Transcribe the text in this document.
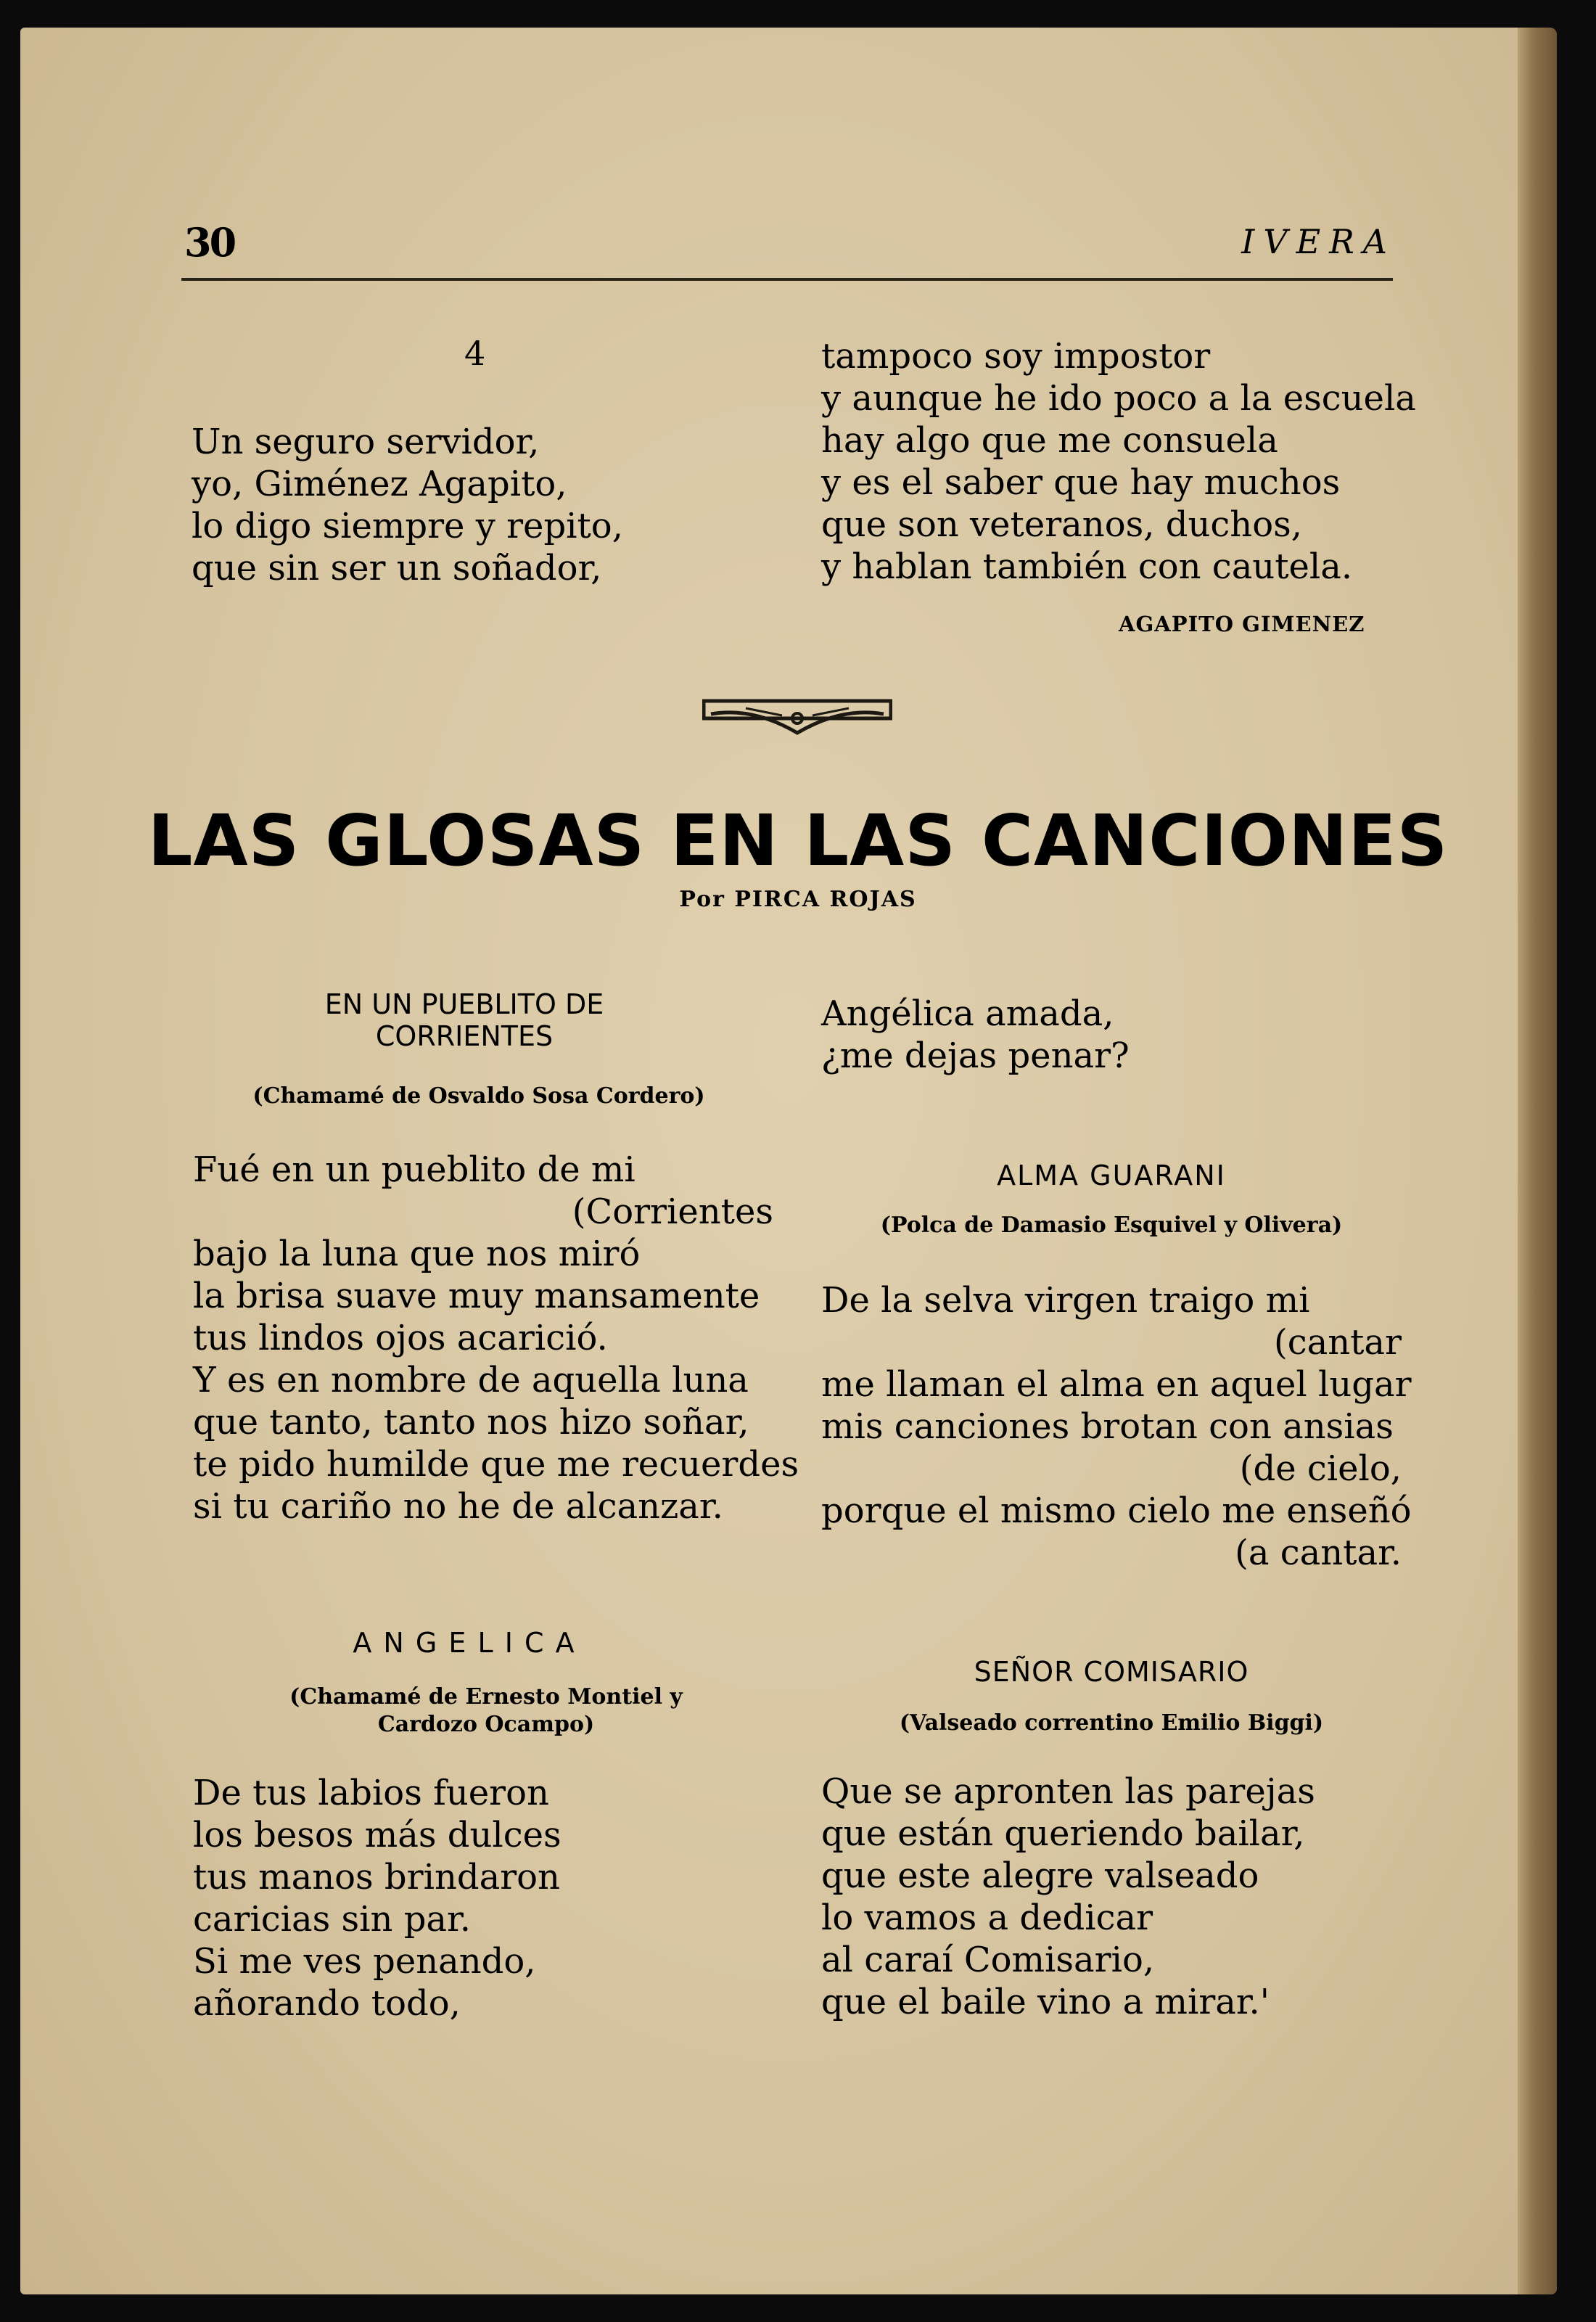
30	IVERA
4
Un seguro servidor,
yo, Giménez Agapito,
lo digo siempre y repito,
que sin ser un soñador,
tampoco soy impostor
y aunque he ido poco a la escuela
hay algo que me consuela
y es el saber que hay muchos
que son veteranos, duchos,
y hablan también con cautela.
AGAPITO GIMENEZ
LAS GLOSAS EN LAS CANCIONES
Por PIRCA ROJAS
EN UN PUEBLITO DE
CORRIENTES
(Chamamé de Osvaldo Sosa Cordero)
Fué en un pueblito de mi
(Corrientes
bajo la luna que nos miró
la brisa suave muy mansamente
tus lindos ojos acarició.
Y es en nombre de aquella luna
que tanto, tanto nos hizo soñar,
te pido humilde que me recuerdes
si tu cariño no he de alcanzar.
A N G E L I C A
(Chamamé de Ernesto Montiel y
Cardozo Ocampo)
De tus labios fueron
los besos más dulces
tus manos brindaron
caricias sin par.
Si me ves penando,
añorando todo,
Angélica amada,
¿me dejas penar?
ALMA GUARANI
(Polca de Damasio Esquivel y Olivera)
De la selva virgen traigo mi
(cantar
me llaman el alma en aquel lugar
mis canciones brotan con ansias
(de cielo,
porque el mismo cielo me enseñó
(a cantar.
SEÑOR COMISARIO
(Valseado correntino Emilio Biggi)
Que se apronten las parejas
que están queriendo bailar,
que este alegre valseado
lo vamos a dedicar
al caraí Comisario,
que el baile vino a mirar.'
